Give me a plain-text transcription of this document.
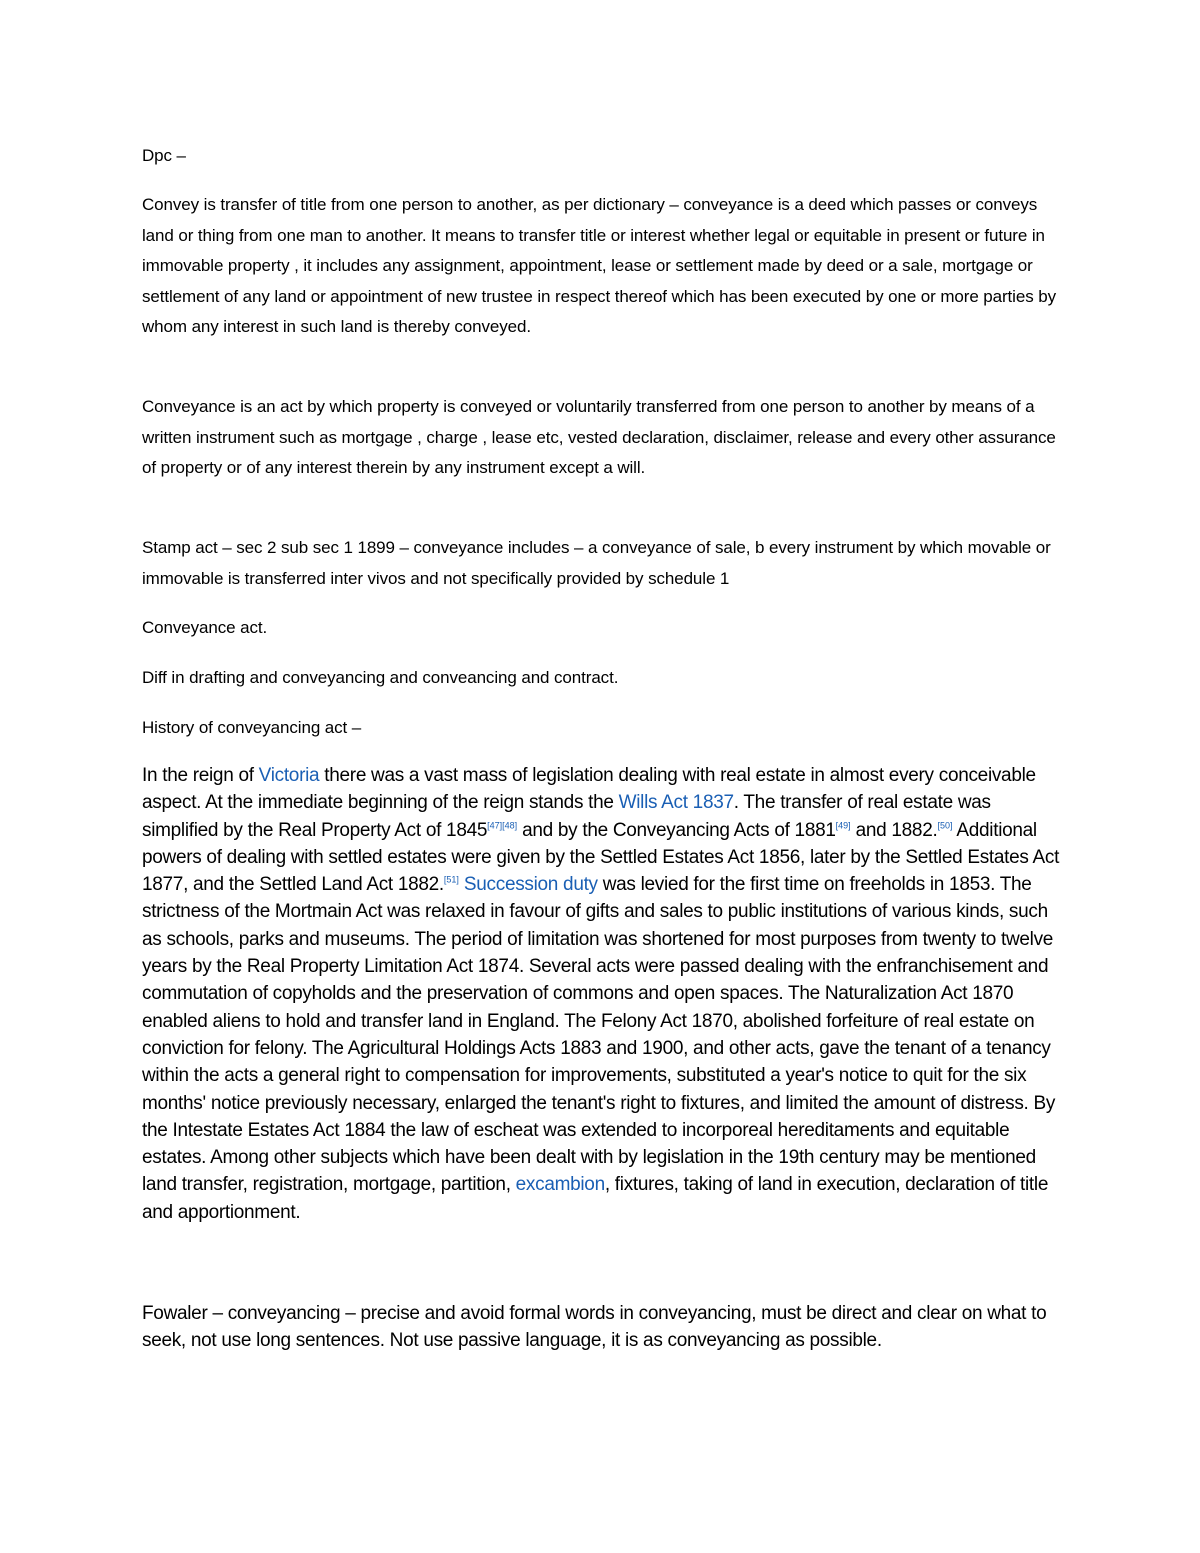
Dpc –

Convey is transfer of title from one person to another, as per dictionary – conveyance is a deed which passes or conveys land or thing from one man to another. It means to transfer title or interest whether legal or equitable in present or future in immovable property , it includes any assignment, appointment, lease or settlement made by deed or a sale, mortgage or settlement of any land or appointment of new trustee in respect thereof which has been executed by one or more parties by whom any interest in such land is thereby conveyed.

Conveyance is an act by which property is conveyed or voluntarily transferred from one person to another by means of a written instrument such as mortgage , charge , lease etc, vested declaration, disclaimer, release and every other assurance of property or of any interest therein by any instrument except a will.

Stamp act – sec 2 sub sec 1 1899 – conveyance includes – a conveyance of sale, b every instrument by which movable or immovable is transferred inter vivos and not specifically provided by schedule 1

Conveyance act.

Diff in drafting and conveyancing and conveancing and contract.

History of conveyancing act –

In the reign of Victoria there was a vast mass of legislation dealing with real estate in almost every conceivable aspect. At the immediate beginning of the reign stands the Wills Act 1837. The transfer of real estate was simplified by the Real Property Act of 1845[47][48] and by the Conveyancing Acts of 1881[49] and 1882.[50] Additional powers of dealing with settled estates were given by the Settled Estates Act 1856, later by the Settled Estates Act 1877, and the Settled Land Act 1882.[51] Succession duty was levied for the first time on freeholds in 1853. The strictness of the Mortmain Act was relaxed in favour of gifts and sales to public institutions of various kinds, such as schools, parks and museums. The period of limitation was shortened for most purposes from twenty to twelve years by the Real Property Limitation Act 1874. Several acts were passed dealing with the enfranchisement and commutation of copyholds and the preservation of commons and open spaces. The Naturalization Act 1870 enabled aliens to hold and transfer land in England. The Felony Act 1870, abolished forfeiture of real estate on conviction for felony. The Agricultural Holdings Acts 1883 and 1900, and other acts, gave the tenant of a tenancy within the acts a general right to compensation for improvements, substituted a year's notice to quit for the six months' notice previously necessary, enlarged the tenant's right to fixtures, and limited the amount of distress. By the Intestate Estates Act 1884 the law of escheat was extended to incorporeal hereditaments and equitable estates. Among other subjects which have been dealt with by legislation in the 19th century may be mentioned land transfer, registration, mortgage, partition, excambion, fixtures, taking of land in execution, declaration of title and apportionment.

Fowaler – conveyancing – precise and avoid formal words in conveyancing, must be direct and clear on what to seek, not use long sentences. Not use passive language, it is as conveyancing as possible.
